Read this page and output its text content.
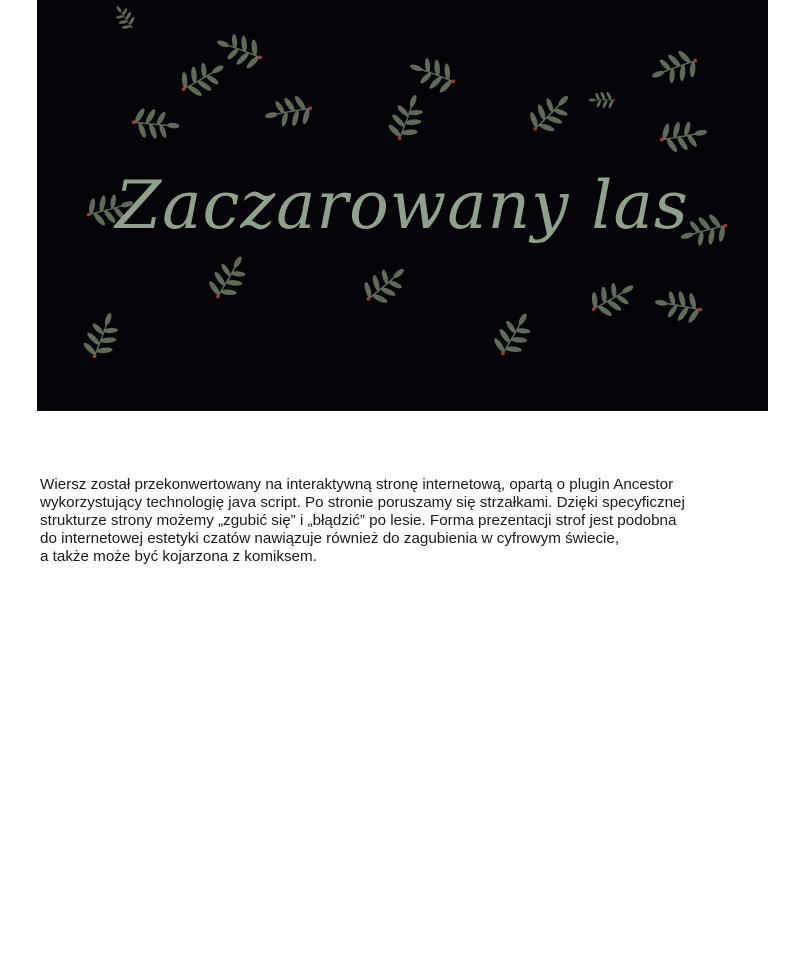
Zaczarowany las

Wiersz został przekonwertowany na interaktywną stronę internetową, opartą o plugin Ancestor
wykorzystujący technologię java script. Po stronie poruszamy się strzałkami. Dzięki specyficznej
strukturze strony możemy „zgubić się” i „błądzić” po lesie. Forma prezentacji strof jest podobna
do internetowej estetyki czatów nawiązuje również do zagubienia w cyfrowym świecie,
a także może być kojarzona z komiksem.
